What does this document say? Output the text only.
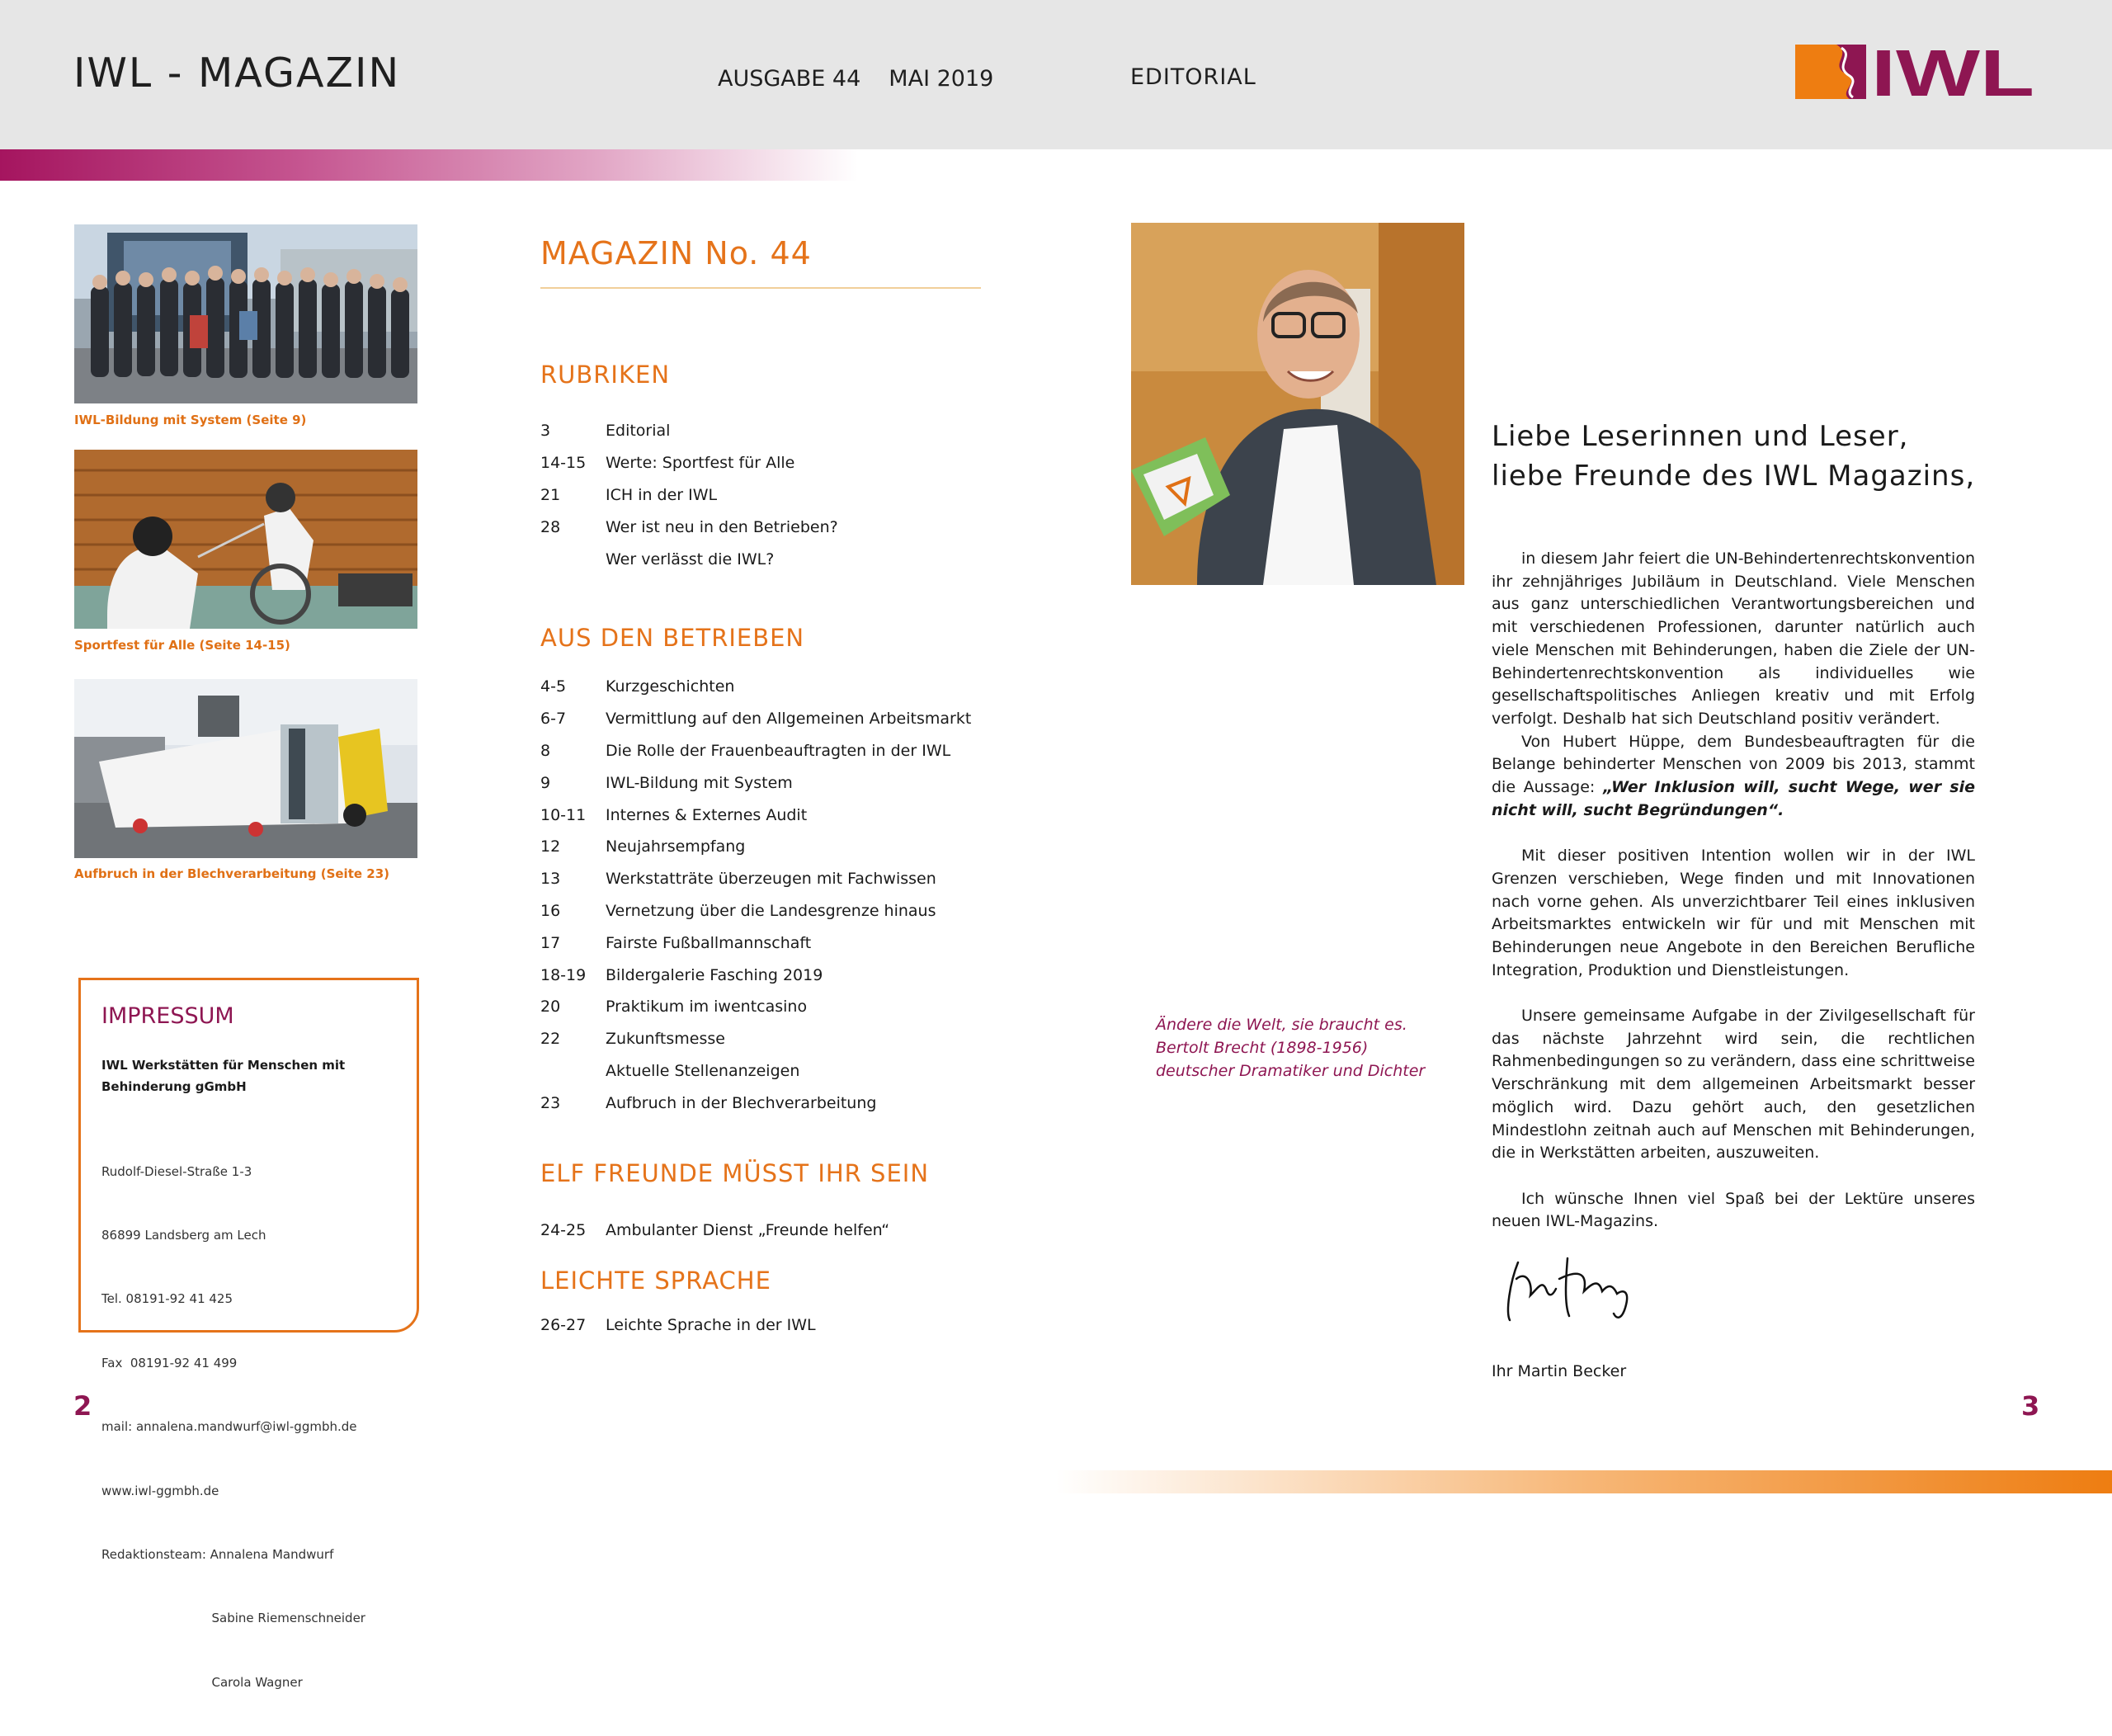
IWL - MAGAZIN	AUSGABE 44 MAI 2019	EDITORIAL	IWL
IWL-Bildung mit System (Seite 9)
Sportfest für Alle (Seite 14-15)
Aufbruch in der Blechverarbeitung (Seite 23)
IMPRESSUM
IWL Werkstätten für Menschen mit
Behinderung gGmbH

Rudolf-Diesel-Straße 1-3

86899 Landsberg am Lech

Tel. 08191-92 41 425

Fax  08191-92 41 499

mail: annalena.mandwurf@iwl-ggmbh.de

www.iwl-ggmbh.de

Redaktionsteam: Annalena Mandwurf

Sabine Riemenschneider

Carola Wagner

2
MAGAZIN No. 44
RUBRIKEN
3	Editorial
14-15	Werte: Sportfest für Alle
21	ICH in der IWL
28	Wer ist neu in den Betrieben?
Wer verlässt die IWL?
AUS DEN BETRIEBEN
4-5	Kurzgeschichten
6-7	Vermittlung auf den Allgemeinen Arbeitsmarkt
8	Die Rolle der Frauenbeauftragten in der IWL
9	IWL-Bildung mit System
10-11	Internes & Externes Audit
12	Neujahrsempfang
13	Werkstatträte überzeugen mit Fachwissen
16	Vernetzung über die Landesgrenze hinaus
17	Fairste Fußballmannschaft
18-19	Bildergalerie Fasching 2019
20	Praktikum im iwentcasino
22	Zukunftsmesse
Aktuelle Stellenanzeigen
23	Aufbruch in der Blechverarbeitung
ELF FREUNDE MÜSST IHR SEIN
24-25	Ambulanter Dienst „Freunde helfen“
LEICHTE SPRACHE
26-27	Leichte Sprache in der IWL
Ändere die Welt, sie braucht es.
Bertolt Brecht (1898-1956)
deutscher Dramatiker und Dichter
Liebe Leserinnen und Leser,
liebe Freunde des IWL Magazins,

in diesem Jahr feiert die UN-Behindertenrechtskonvention ihr zehnjähriges Jubiläum in Deutschland. Viele Menschen aus ganz unterschiedlichen Verantwortungsbereichen und mit verschiedenen Professionen, darunter natürlich auch viele Menschen mit Behinderungen, haben die Ziele der UN-Behindertenrechtskonvention als individuelles wie gesellschaftspolitisches Anliegen kreativ und mit Erfolg verfolgt. Deshalb hat sich Deutschland positiv verändert.

Von Hubert Hüppe, dem Bundesbeauftragten für die Belange behinderter Menschen von 2009 bis 2013, stammt die Aussage: „Wer Inklusion will, sucht Wege, wer sie nicht will, sucht Begründungen“.

Mit dieser positiven Intention wollen wir in der IWL Grenzen verschieben, Wege finden und mit Innovationen nach vorne gehen. Als unverzichtbarer Teil eines inklusiven Arbeitsmarktes entwickeln wir für und mit Menschen mit Behinderungen neue Angebote in den Bereichen Berufliche Integration, Produktion und Dienstleistungen.

Unsere gemeinsame Aufgabe in der Zivilgesellschaft für das nächste Jahrzehnt wird sein, die rechtlichen Rahmenbedingungen so zu verändern, dass eine schrittweise Verschränkung mit dem allgemeinen Arbeitsmarkt besser möglich wird. Dazu gehört auch, den gesetzlichen Mindestlohn zeitnah auch auf Menschen mit Behinderungen, die in Werkstätten arbeiten, auszuweiten.

Ich wünsche Ihnen viel Spaß bei der Lektüre unseres neuen IWL-Magazins.

Ihr Martin Becker
3
